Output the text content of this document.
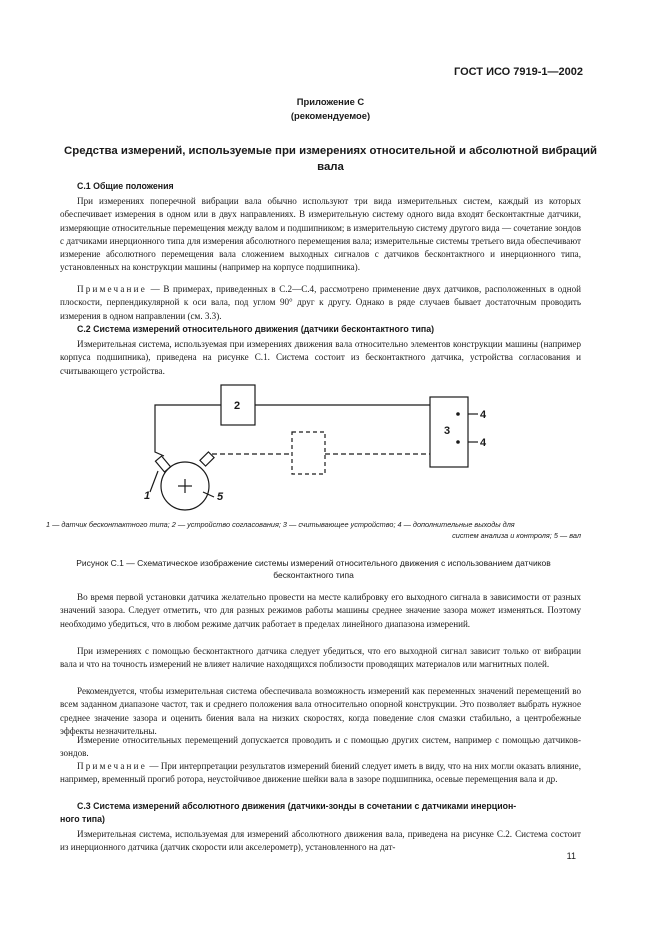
ГОСТ ИСО 7919-1—2002
Приложение С
(рекомендуемое)
Средства измерений, используемые при измерениях относительной и абсолютной вибраций вала
С.1 Общие положения

При измерениях поперечной вибрации вала обычно используют три вида измерительных систем, каждый из которых обеспечивает измерения в одном или в двух направлениях. В измерительную систему одного вида входят бесконтактные датчики, измеряющие относительные перемещения между валом и подшипником; в измерительную систему другого вида — сочетание зондов с датчиками инерционного типа для измерения абсолютного перемещения вала; измерительные системы третьего вида обеспечивают измерение абсолютного перемещения вала сложением выходных сигналов с датчиков бесконтактного и инерционного типа, установленных на конструкции машины (например на корпусе подшипника).

Примечание — В примерах, приведенных в С.2—С.4, рассмотрено применение двух датчиков, расположенных в одной плоскости, перпендикулярной к оси вала, под углом 90° друг к другу. Однако в ряде случаев бывает достаточным проводить измерения в одном направлении (см. 3.3).

С.2 Система измерений относительного движения (датчики бесконтактного типа)

Измерительная система, используемая при измерениях движения вала относительно элементов конструкции машины (например корпуса подшипника), приведена на рисунке С.1. Система состоит из бесконтактного датчика, устройства согласования и считывающего устройства.

2
3
4
4
1	5
1 — датчик бесконтактного типа; 2 — устройство согласования; 3 — считывающее устройство; 4 — дополнительные выходы для
систем анализа и контроля; 5 — вал
Рисунок С.1 — Схематическое изображение системы измерений относительного движения с использованием датчиков бесконтактного типа

Во время первой установки датчика желательно провести на месте калибровку его выходного сигнала в зависимости от разных значений зазора. Следует отметить, что для разных режимов работы машины среднее значение зазора может изменяться. Поэтому необходимо убедиться, что в любом режиме датчик работает в пределах линейного диапазона измерений.

При измерениях с помощью бесконтактного датчика следует убедиться, что его выходной сигнал зависит только от вибрации вала и что на точность измерений не влияет наличие находящихся поблизости проводящих материалов или магнитных полей.

Рекомендуется, чтобы измерительная система обеспечивала возможность измерений как переменных значений перемещений во всем заданном диапазоне частот, так и среднего положения вала относительно опорной конструкции. Это позволяет выбрать нужное среднее значение зазора и оценить биения вала на низких скоростях, когда поведение слоя смазки стабильно, а центробежные эффекты незначительны.

Измерение относительных перемещений допускается проводить и с помощью других систем, например с помощью датчиков-зондов.

Примечание — При интерпретации результатов измерений биений следует иметь в виду, что на них могли оказать влияние, например, временный прогиб ротора, неустойчивое движение шейки вала в зазоре подшипника, осевые перемещения вала и др.

С.3 Система измерений абсолютного движения (датчики-зонды в сочетании с датчиками инерцион-
ного типа)

Измерительная система, используемая для измерений абсолютного движения вала, приведена на рисунке С.2. Система состоит из инерционного датчика (датчик скорости или акселерометр), установленного на дат-

11
